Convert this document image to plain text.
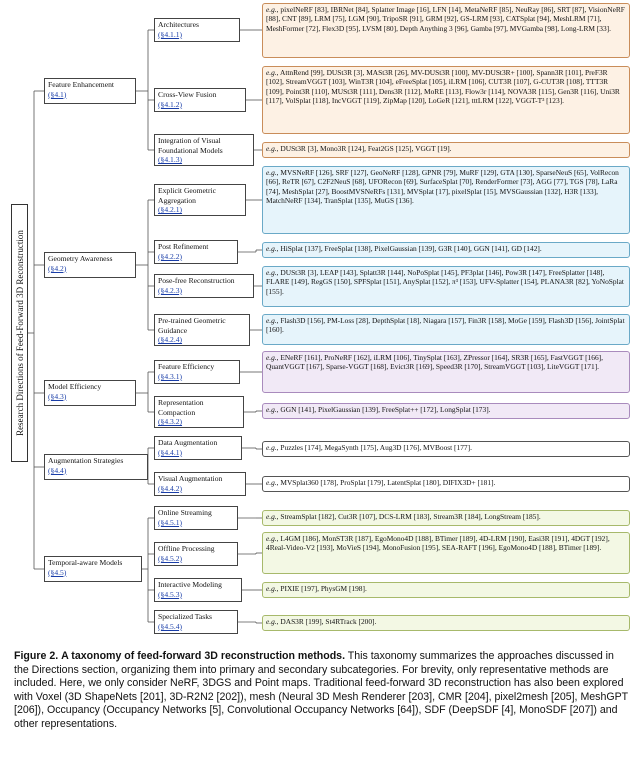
Research Directions of Feed-Forward 3D Reconstruction
Feature Enhancement
(§4.1)
Geometry Awareness
(§4.2)
Model Efficiency
(§4.3)
Augmentation Strategies
(§4.4)
Temporal-aware Models
(§4.5)
Architectures
(§4.1.1)
Cross-View Fusion
(§4.1.2)
Integration of Visual Foundational Models
(§4.1.3)
Explicit Geometric Aggregation
(§4.2.1)
Post Refinement
(§4.2.2)
Pose-free Reconstruction
(§4.2.3)
Pre-trained Geometric Guidance
(§4.2.4)
Feature Efficiency
(§4.3.1)
Representation Compaction
(§4.3.2)
Data Augmentation
(§4.4.1)
Visual Augmentation
(§4.4.2)
Online Streaming
(§4.5.1)
Offline Processing
(§4.5.2)
Interactive Modeling
(§4.5.3)
Specialized Tasks
(§4.5.4)
e.g., pixelNeRF [83], IBRNet [84], Splatter Image [16], LFN [14], MetaNeRF [85], NeuRay [86], SRT [87], VisionNeRF [88], CNT [89], LRM [75], LGM [90], TripoSR [91], GRM [92], GS-LRM [93], CATSplat [94], MeshLRM [71], MeshFormer [72], Flex3D [95], LVSM [80], Depth Anything 3 [96], Gamba [97], MVGamba [98], Long-LRM [33].
e.g., AttnRend [99], DUSt3R [3], MASt3R [26], MV-DUSt3R [100], MV-DUSt3R+ [100], Spann3R [101], PreF3R [102], StreamVGGT [103], WinT3R [104], eFreeSplat [105], iLRM [106], CUT3R [107], G-CUT3R [108], TTT3R [109], Point3R [110], MUSt3R [111], Dens3R [112], MoRE [113], Flow3r [114], NOVA3R [115], Gen3R [116], Uni3R [117], VolSplat [118], IncVGGT [119], ZipMap [120], LoGeR [121], tttLRM [122], VGGT-T³ [123].
e.g., DUSt3R [3], Mono3R [124], Feat2GS [125], VGGT [19].
e.g., MVSNeRF [126], SRF [127], GeoNeRF [128], GPNR [79], MuRF [129], GTA [130], SparseNeuS [65], VolRecon [66], ReTR [67], C2F2NeuS [68], UFORecon [69], SurfaceSplat [70], RenderFormer [73], AGG [77], TGS [78], LaRa [74], MeshSplat [27], BoostMVSNeRFs [131], MVSplat [17], pixelSplat [15], MVSGaussian [132], H3R [133], MatchNeRF [134], TranSplat [135], MuGS [136].
e.g., HiSplat [137], FreeSplat [138], PixelGaussian [139], G3R [140], GGN [141], GD [142].
e.g., DUSt3R [3], LEAP [143], Splatt3R [144], NoPoSplat [145], PF3plat [146], Pow3R [147], FreeSplatter [148], FLARE [149], RegGS [150], SPFSplat [151], AnySplat [152], π³ [153], UFV-Splatter [154], PLANA3R [82], YoNoSplat [155].
e.g., Flash3D [156], PM-Loss [28], DepthSplat [18], Niagara [157], Fin3R [158], MoGe [159], Flash3D [156], JointSplat [160].
e.g., ENeRF [161], ProNeRF [162], iLRM [106], TinySplat [163], ZPressor [164], SR3R [165], FastVGGT [166], QuantVGGT [167], Sparse-VGGT [168], Evict3R [169], Speed3R [170], StreamVGGT [103], LiteVGGT [171].
e.g., GGN [141], PixelGaussian [139], FreeSplat++ [172], LongSplat [173].
e.g., Puzzles [174], MegaSynth [175], Aug3D [176], MVBoost [177].
e.g., MVSplat360 [178], ProSplat [179], LatentSplat [180], DIFIX3D+ [181].
e.g., StreamSplat [182], Cut3R [107], DCS-LRM [183], Stream3R [184], LongStream [185].
e.g., L4GM [186], MonST3R [187], EgoMono4D [188], BTimer [189], 4D-LRM [190], Easi3R [191], 4DGT [192], 4Real-Video-V2 [193], MoVieS [194], MonoFusion [195], SEA-RAFT [196], EgoMono4D [188], BTimer [189].
e.g., PIXIE [197], PhysGM [198].
e.g., DAS3R [199], St4RTrack [200].
Figure 2. A taxonomy of feed-forward 3D reconstruction methods. This taxonomy summarizes the approaches discussed in the Directions section, organizing them into primary and secondary subcategories. For brevity, only representative methods are included. Here, we only consider NeRF, 3DGS and Point maps. Traditional feed-forward 3D reconstruction has also been explored with Voxel (3D ShapeNets [201], 3D-R2N2 [202]), mesh (Neural 3D Mesh Renderer [203], CMR [204], pixel2mesh [205], MeshGPT [206]), Occupancy (Occupancy Networks [5], Convolutional Occupancy Networks [64]), SDF (DeepSDF [4], MonoSDF [207]) and other representations.
